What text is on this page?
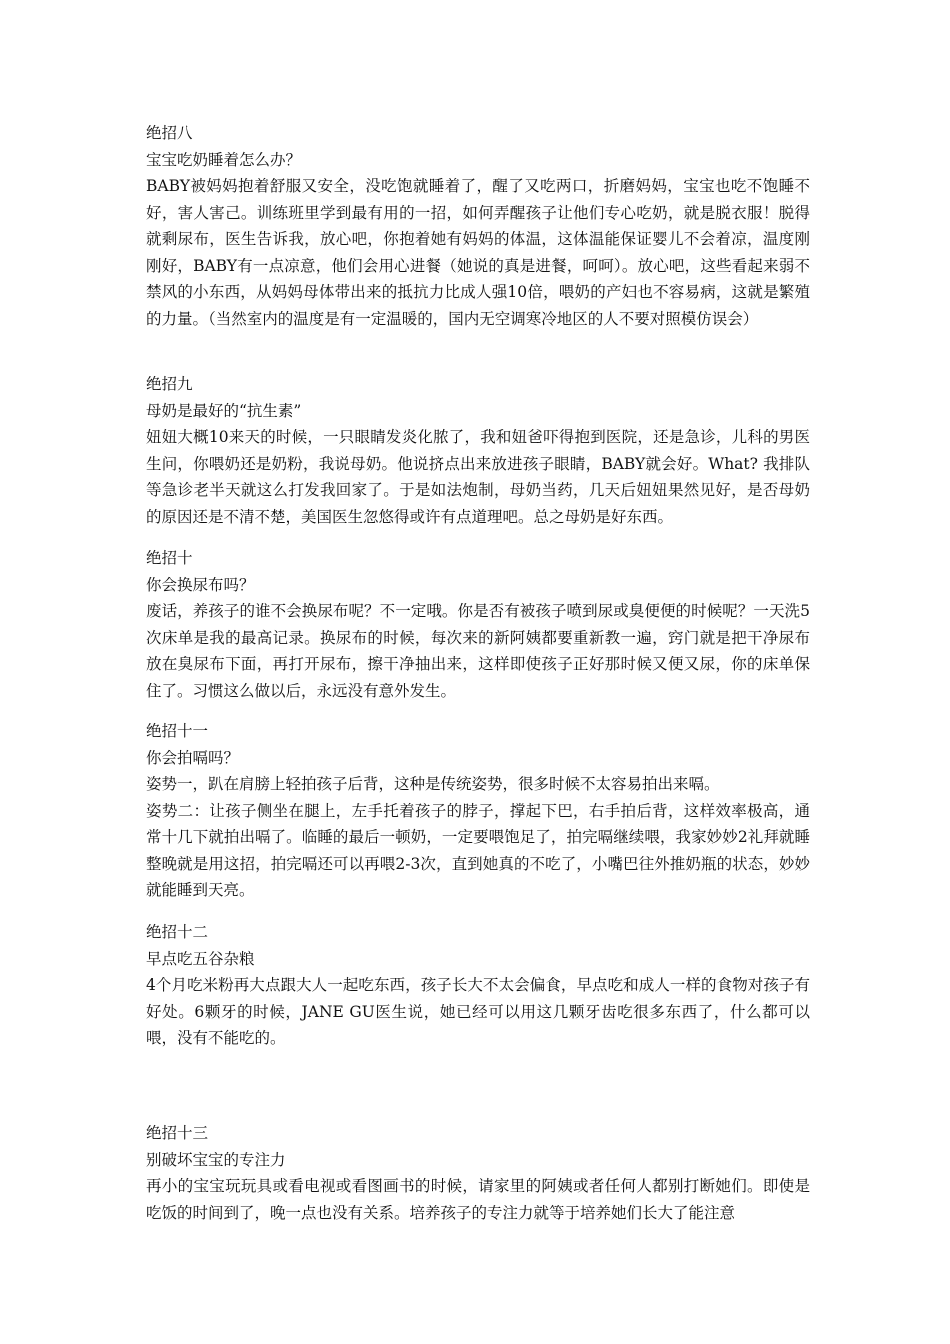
绝招八
宝宝吃奶睡着怎么办？
BABY被妈妈抱着舒服又安全，没吃饱就睡着了，醒了又吃两口，折磨妈妈，宝宝也吃不饱睡不好，害人害己。训练班里学到最有用的一招，如何弄醒孩子让他们专心吃奶，就是脱衣服！脱得就剩尿布，医生告诉我，放心吧，你抱着她有妈妈的体温，这体温能保证婴儿不会着凉，温度刚刚好，BABY有一点凉意，他们会用心进餐（她说的真是进餐，呵呵）。放心吧，这些看起来弱不禁风的小东西，从妈妈母体带出来的抵抗力比成人强10倍，喂奶的产妇也不容易病，这就是繁殖的力量。（当然室内的温度是有一定温暖的，国内无空调寒冷地区的人不要对照模仿误会）
绝招九
母奶是最好的“抗生素”
妞妞大概10来天的时候，一只眼睛发炎化脓了，我和妞爸吓得抱到医院，还是急诊，儿科的男医生问，你喂奶还是奶粉，我说母奶。他说挤点出来放进孩子眼睛，BABY就会好。What? 我排队等急诊老半天就这么打发我回家了。于是如法炮制，母奶当药，几天后妞妞果然见好，是否母奶的原因还是不清不楚，美国医生忽悠得或许有点道理吧。总之母奶是好东西。
绝招十
你会换尿布吗？
废话，养孩子的谁不会换尿布呢？不一定哦。你是否有被孩子喷到尿或臭便便的时候呢？一天洗5次床单是我的最高记录。换尿布的时候，每次来的新阿姨都要重新教一遍，窍门就是把干净尿布放在臭尿布下面，再打开尿布，擦干净抽出来，这样即使孩子正好那时候又便又尿，你的床单保住了。习惯这么做以后，永远没有意外发生。
绝招十一
你会拍嗝吗？
姿势一，趴在肩膀上轻拍孩子后背，这种是传统姿势，很多时候不太容易拍出来嗝。
姿势二：让孩子侧坐在腿上，左手托着孩子的脖子，撑起下巴，右手拍后背，这样效率极高，通常十几下就拍出嗝了。临睡的最后一顿奶，一定要喂饱足了，拍完嗝继续喂，我家妙妙2礼拜就睡整晚就是用这招，拍完嗝还可以再喂2-3次，直到她真的不吃了，小嘴巴往外推奶瓶的状态，妙妙就能睡到天亮。
绝招十二
早点吃五谷杂粮
4个月吃米粉再大点跟大人一起吃东西，孩子长大不太会偏食，早点吃和成人一样的食物对孩子有好处。6颗牙的时候，JANE GU医生说，她已经可以用这几颗牙齿吃很多东西了，什么都可以喂，没有不能吃的。
绝招十三
别破坏宝宝的专注力
再小的宝宝玩玩具或看电视或看图画书的时候，请家里的阿姨或者任何人都别打断她们。即使是吃饭的时间到了，晚一点也没有关系。培养孩子的专注力就等于培养她们长大了能注意
